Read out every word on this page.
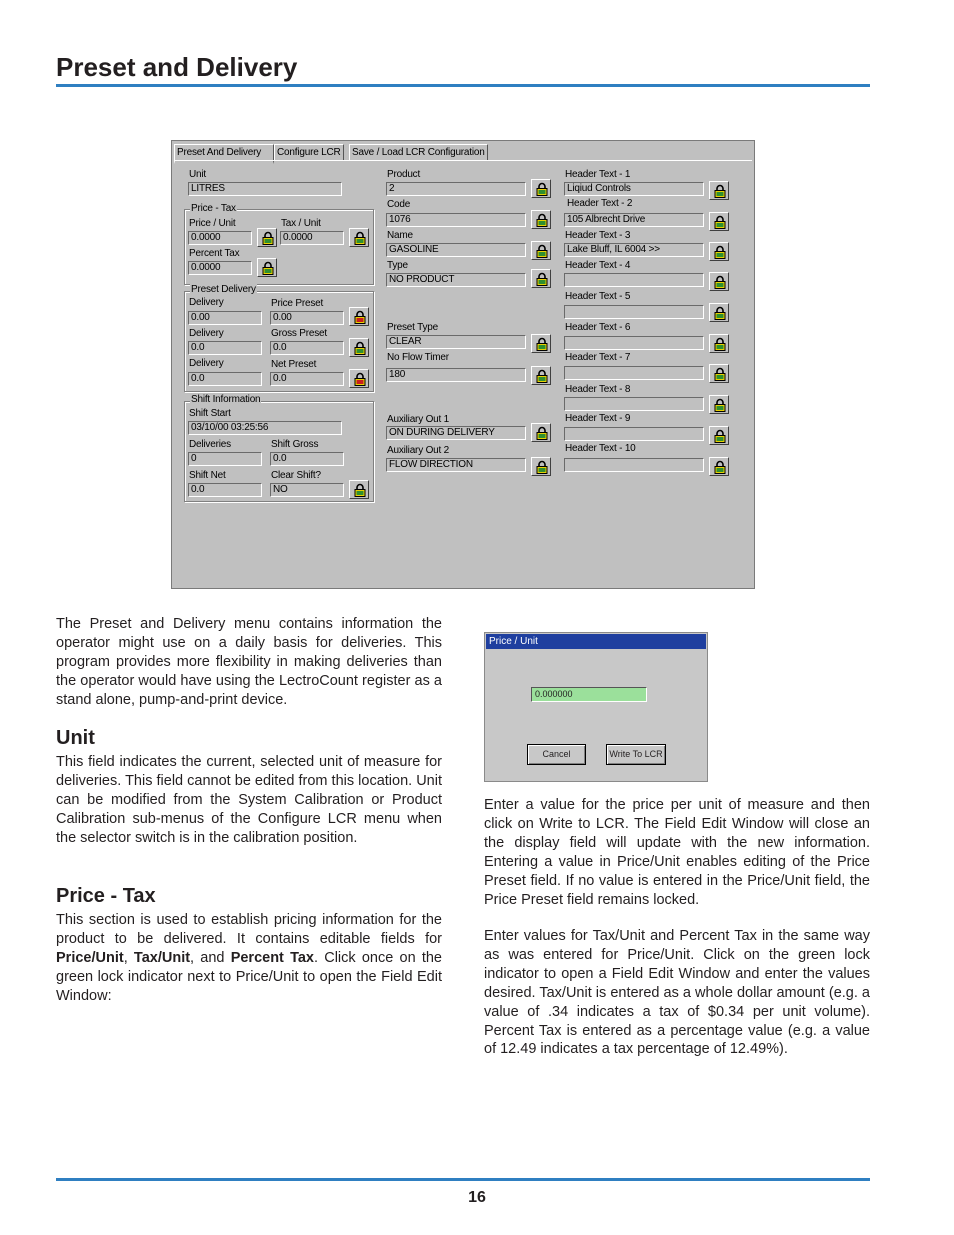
Preset and Delivery
Preset And Delivery	Configure LCR	Save / Load LCR Configuration
Unit
LITRES
Price - Tax
Price / Unit
0.0000
Tax / Unit
0.0000
Percent Tax
0.0000
Preset Delivery
Delivery
0.00
Price Preset
0.00
Delivery
0.0
Gross Preset
0.0
Delivery
0.0
Net Preset
0.0
Shift Information
Shift Start
03/10/00 03:25:56
Deliveries
0
Shift Gross
0.0
Shift Net
0.0
Clear Shift?
NO
Product
2
Code
1076
Name
GASOLINE
Type
NO PRODUCT
Preset Type
CLEAR
No Flow Timer
180
Auxiliary Out 1
ON DURING DELIVERY
Auxiliary Out 2
FLOW DIRECTION
Header Text - 1
Liqiud Controls
Header Text - 2
105 Albrecht Drive
Header Text - 3
Lake Bluff, IL 6004 >>
Header Text - 4
Header Text - 5
Header Text - 6
Header Text - 7
Header Text - 8
Header Text - 9
Header Text - 10
The Preset and Delivery menu contains information the operator might use on a daily basis for deliveries. This program provides more flexibility in making deliveries than the operator would have using the LectroCount register as a stand alone, pump-and-print device.
Unit
This field indicates the current, selected unit of measure for deliveries. This field cannot be edited from this location. Unit can be modified from the System Calibration or Product Calibration sub-menus of the Configure LCR menu when the selector switch is in the calibration position.
Price - Tax
This section is used to establish pricing information for the product to be delivered. It contains editable fields for Price/Unit, Tax/Unit, and Percent Tax. Click once on the green lock indicator next to Price/Unit to open the Field Edit Window:
Price / Unit
0.000000
Cancel	Write To LCR
Enter a value for the price per unit of measure and then click on Write to LCR. The Field Edit Window will close an the display field will update with the new information. Entering a value in Price/Unit enables editing of the Price Preset field. If no value is entered in the Price/Unit field, the Price Preset field remains locked.
Enter values for Tax/Unit and Percent Tax in the same way as was entered for Price/Unit. Click on the green lock indicator to open a Field Edit Window and enter the values desired. Tax/Unit is entered as a whole dollar amount (e.g. a value of .34 indicates a tax of $0.34 per unit volume). Percent Tax is entered as a percentage value (e.g. a value of 12.49 indicates a tax percentage of 12.49%).
16
